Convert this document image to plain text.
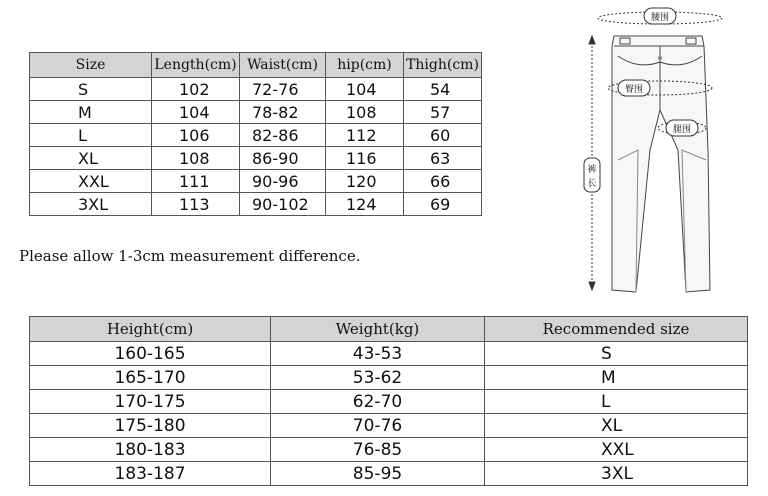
Size	Length(cm)	Waist(cm)	hip(cm)	Thigh(cm)
S	102	72-76	104	54
M	104	78-82	108	57
L	106	82-86	112	60
XL	108	86-90	116	63
XXL	111	90-96	120	66
3XL	113	90-102	124	69
Please allow 1-3cm measurement difference.
腰围
臀围
腿围
裤
长
Height(cm)	Weight(kg)	Recommended size
160-165	43-53	S
165-170	53-62	M
170-175	62-70	L
175-180	70-76	XL
180-183	76-85	XXL
183-187	85-95	3XL
